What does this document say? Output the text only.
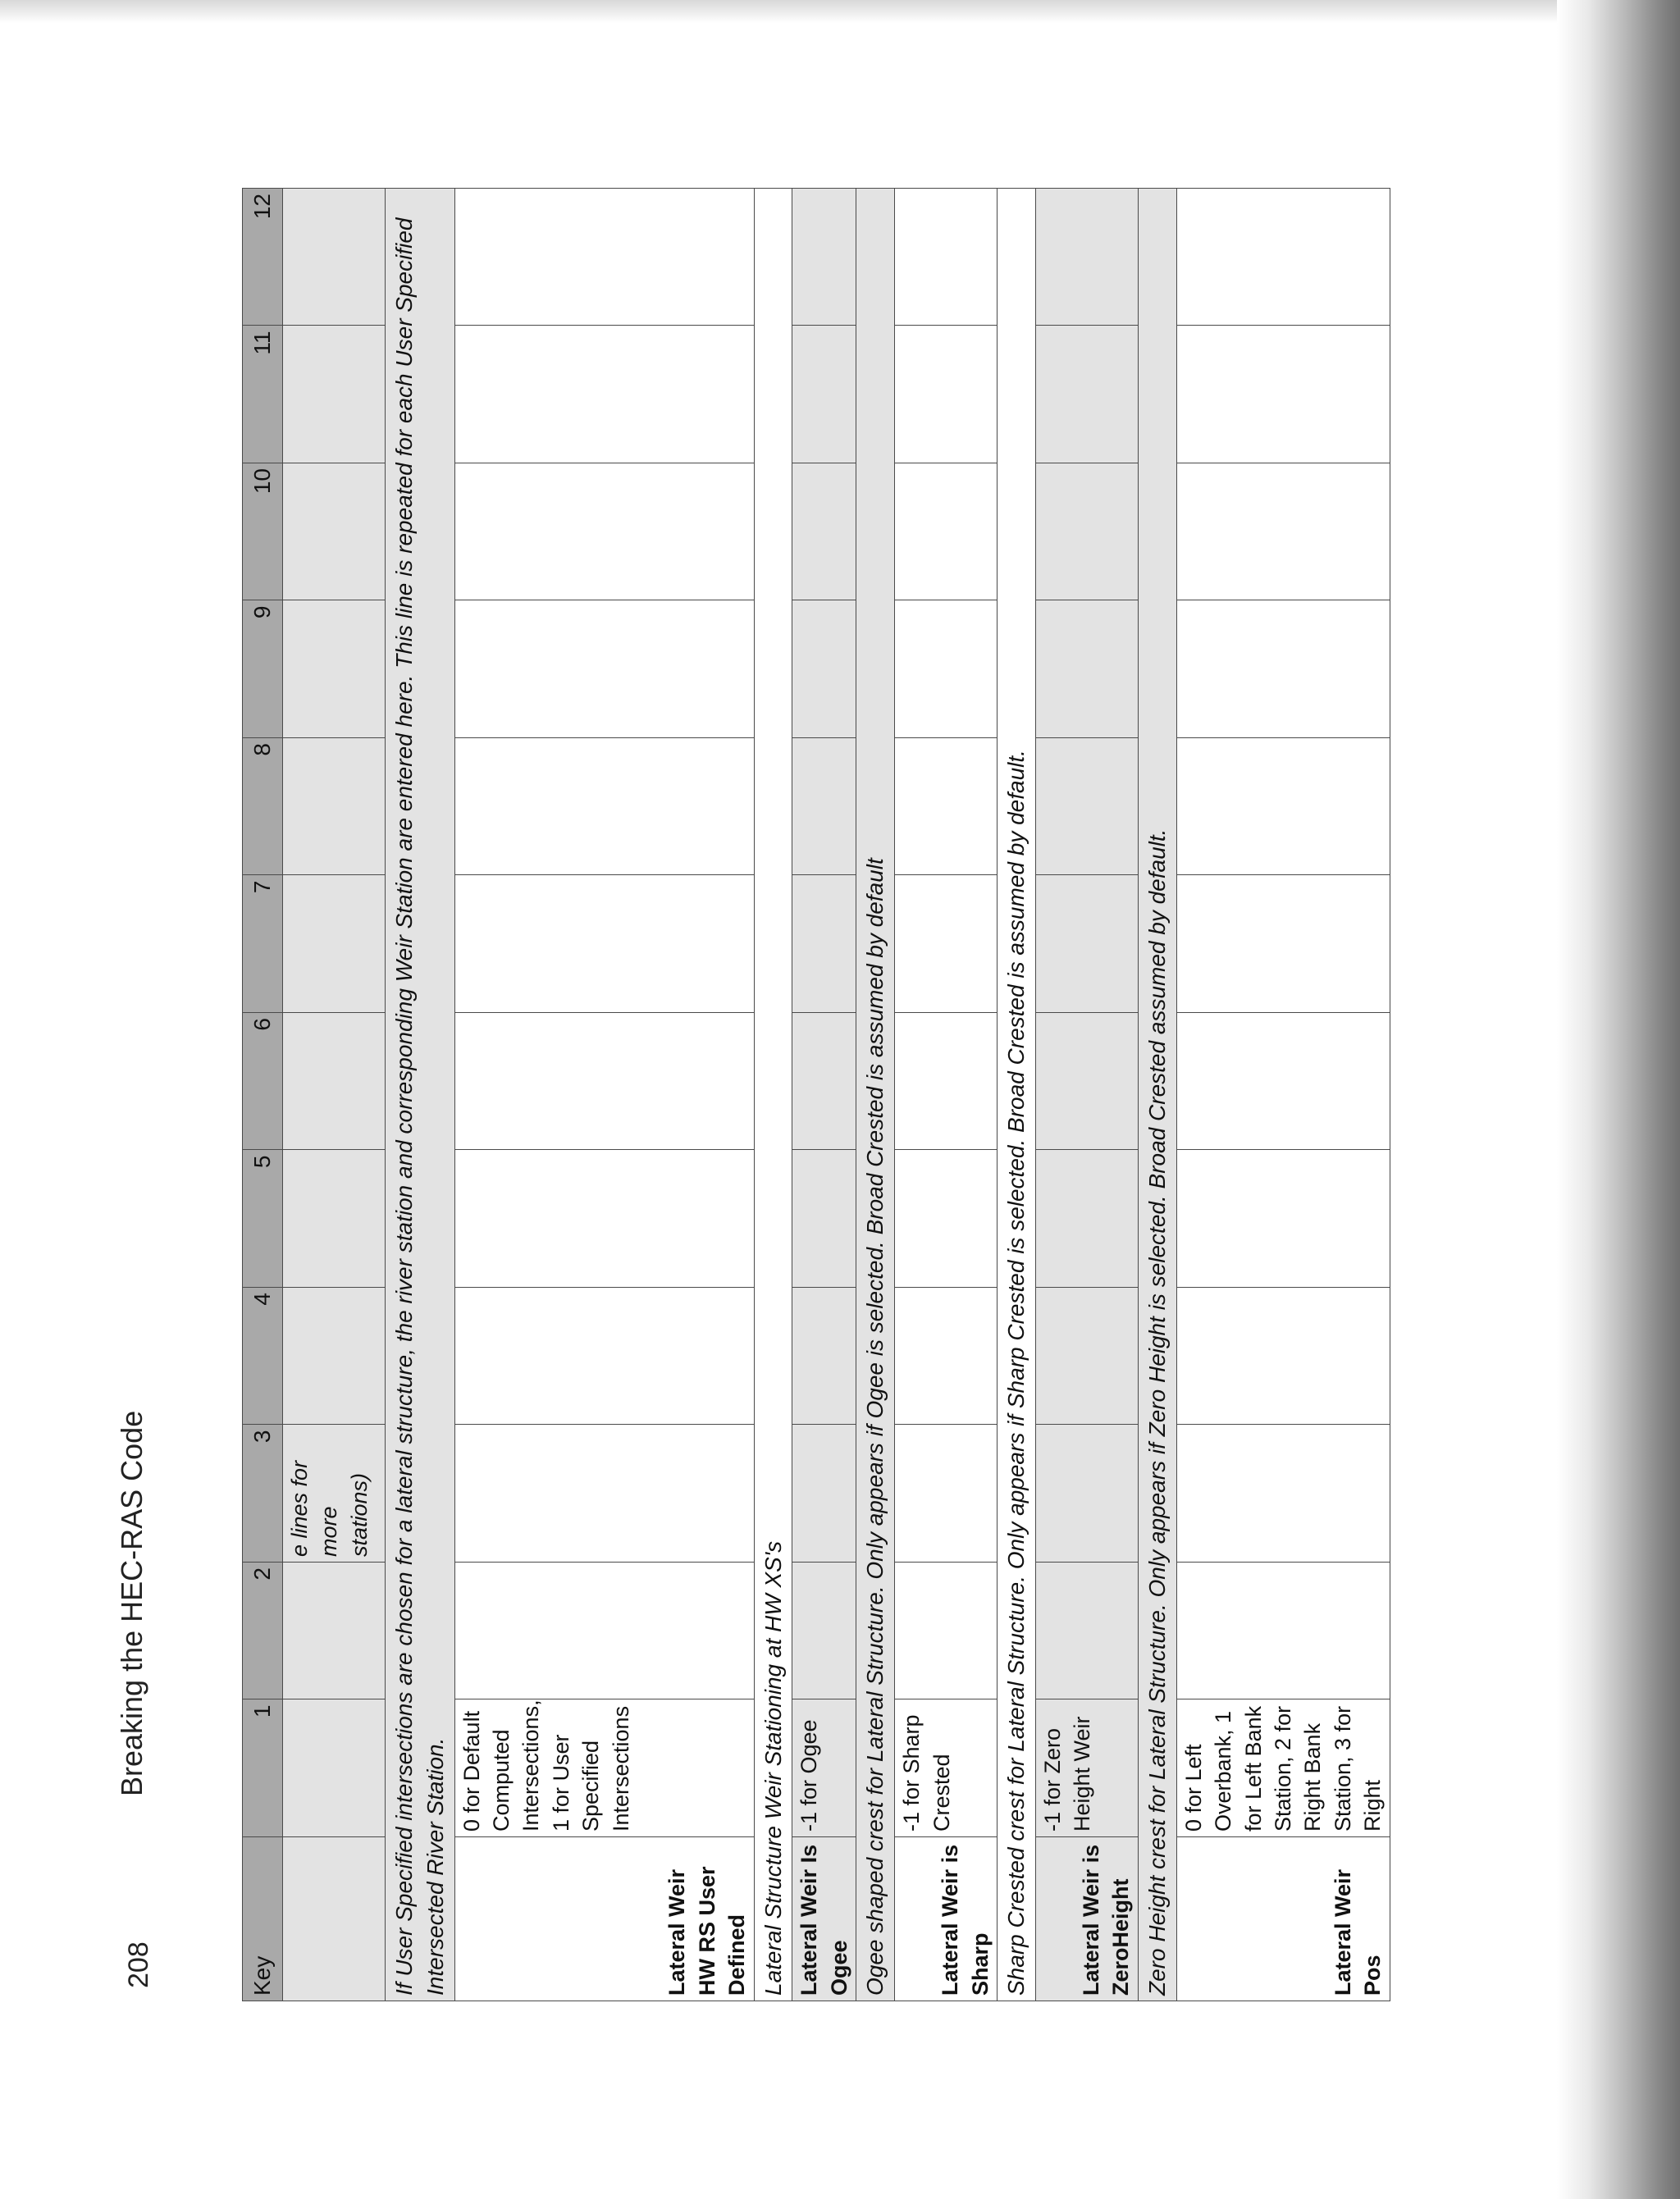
Breaking the HEC-RAS Code
208	Key	1	2	3	4	5	6	7	8	9	10	11	12	
			e lines for more stations)										
If User Specified intersections are chosen for a lateral structure, the river station and corresponding Weir Station are entered here. This line is repeated for each User Specified Intersected River Station.													
Lateral Weir HW RS User Defined	0 for Default Computed Intersections, 1 for User Specified Intersections												
Lateral Structure Weir Stationing at HW XS's													
Lateral Weir Is Ogee	-1 for Ogee												
Ogee shaped crest for Lateral Structure. Only appears if Ogee is selected. Broad Crested is assumed by default													
Lateral Weir is Sharp	-1 for Sharp Crested												
Sharp Crested crest for Lateral Structure. Only appears if Sharp Crested is selected. Broad Crested is assumed by default.													
Lateral Weir is ZeroHeight	-1 for Zero Height Weir												
Zero Height crest for Lateral Structure. Only appears if Zero Height is selected. Broad Crested assumed by default.													
Lateral Weir Pos	0 for Left Overbank, 1 for Left Bank Station, 2 for Right Bank Station, 3 for Right												
